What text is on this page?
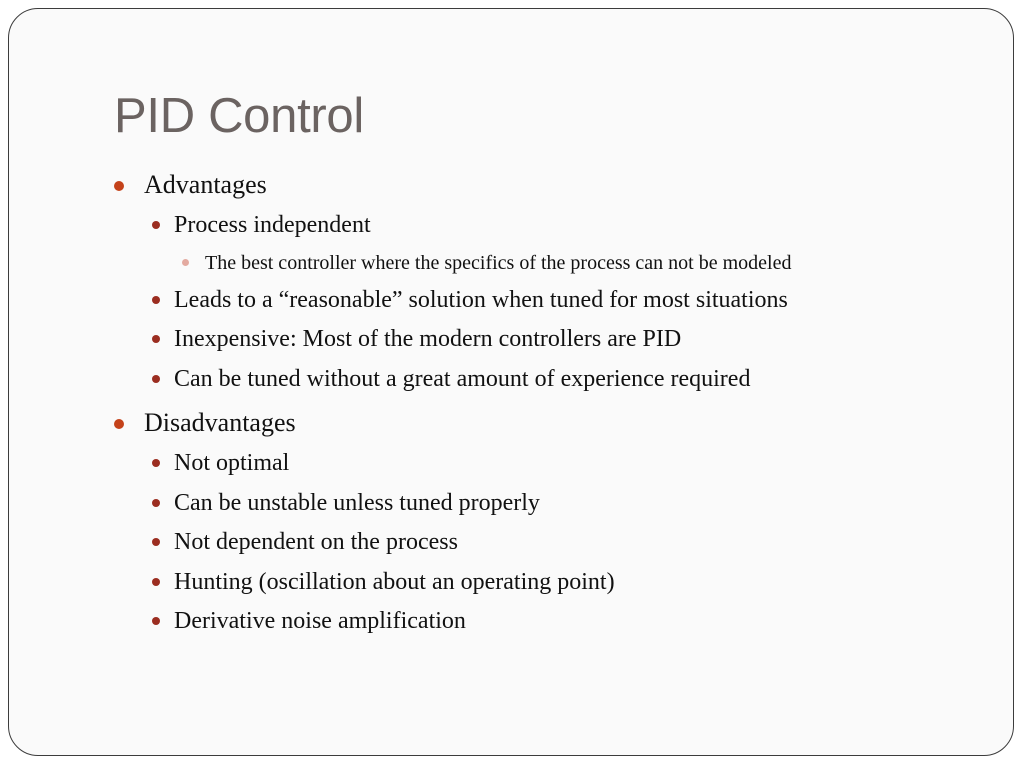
PID Control
Advantages
Process independent
The best controller where the specifics of the process can not be modeled
Leads to a “reasonable” solution when tuned for most situations
Inexpensive: Most of the modern controllers are PID
Can be tuned without a great amount of experience required
Disadvantages
Not optimal
Can be unstable unless tuned properly
Not dependent on the process
Hunting (oscillation about an operating point)
Derivative noise amplification
